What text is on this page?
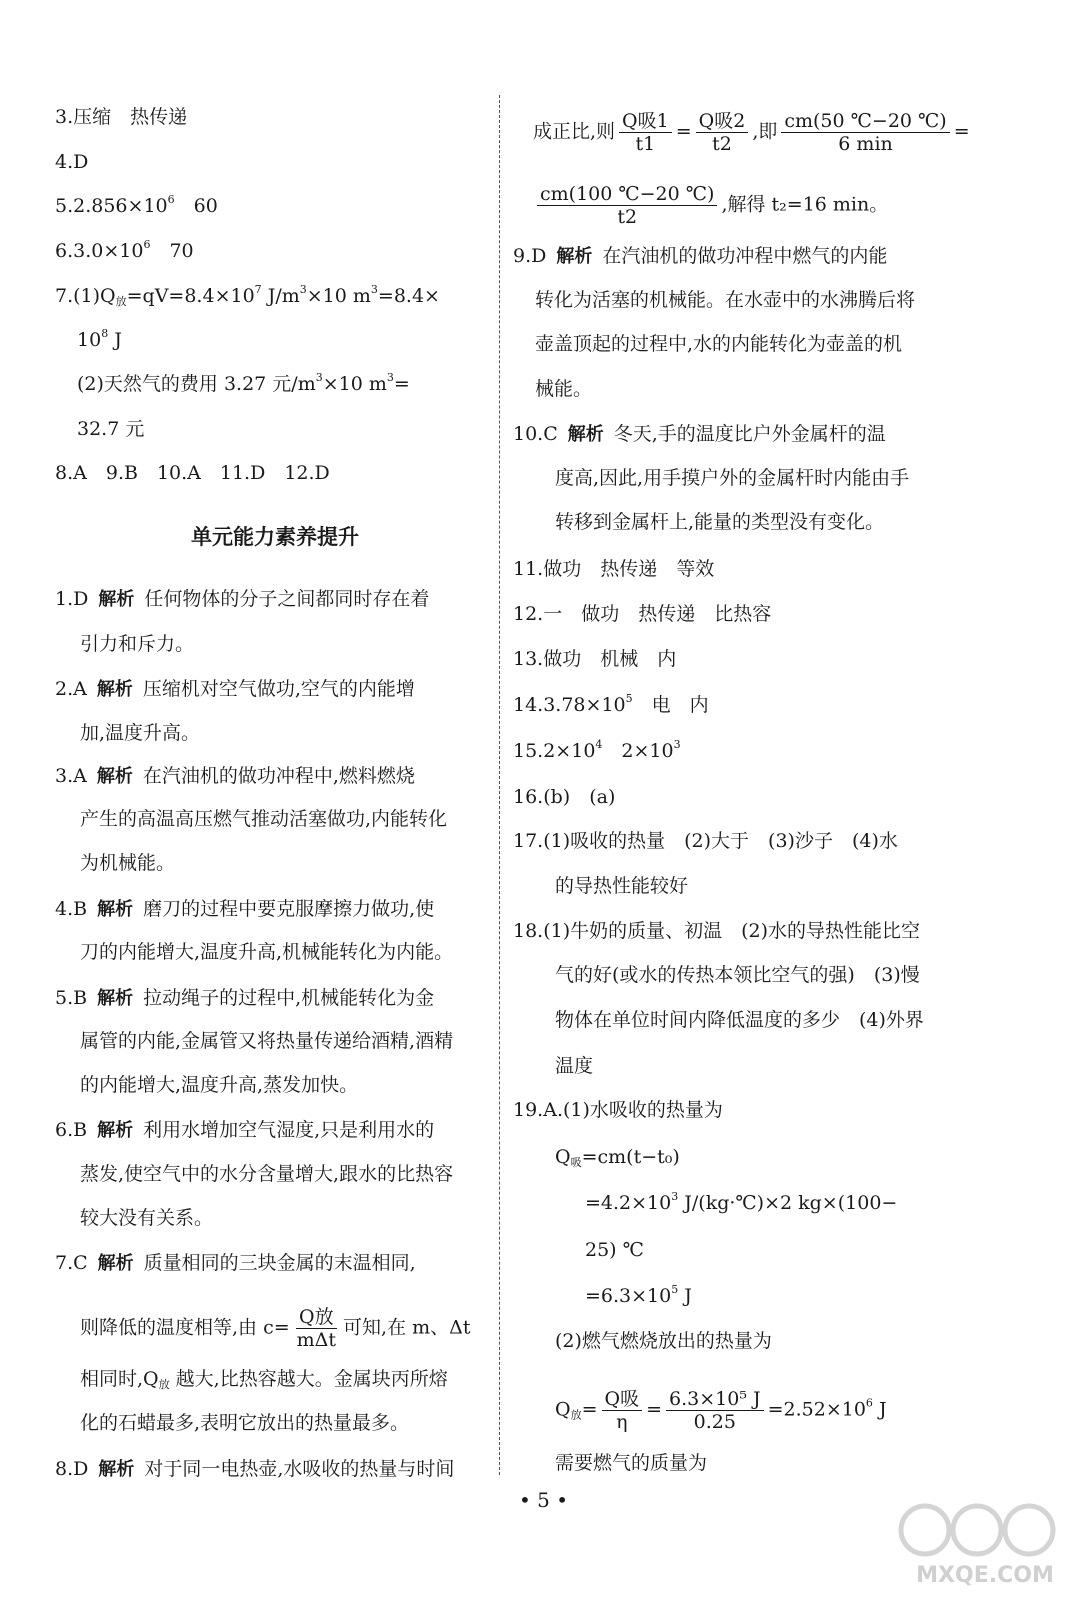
3.压缩　热传递
4.D
$5.2.856\times 10^6$　60
$6.3.0\times 10^6$　70
$7.(1)Q_放=qV=8.4\times 10^7$ $J/m^3\times 10$ $m^3=8.4\times$
$10^8$ J
(2)天然气的费用 3.27 元$/m^3\times 10$ $m^3=$
32.7 元
8.A　9.B　10.A　11.D　12.D
单元能力素养提升
1.D 解析 任何物体的分子之间都同时存在着
引力和斥力。
2.A 解析 压缩机对空气做功,空气的内能增
加,温度升高。
3.A 解析 在汽油机的做功冲程中,燃料燃烧
产生的高温高压燃气推动活塞做功,内能转化
为机械能。
4.B 解析 磨刀的过程中要克服摩擦力做功,使
刀的内能增大,温度升高,机械能转化为内能。
5.B 解析 拉动绳子的过程中,机械能转化为金
属管的内能,金属管又将热量传递给酒精,酒精
的内能增大,温度升高,蒸发加快。
6.B 解析 利用水增加空气湿度,只是利用水的
蒸发,使空气中的水分含量增大,跟水的比热容
较大没有关系。
7.C 解析 质量相同的三块金属的末温相同,
则降低的温度相等,由 $c= \frac{\text{Q放}}{\text{mΔt}}$ 可知,在 m、Δt
相同时$,Q_放$ 越大,比热容越大。金属块丙所熔
化的石蜡最多,表明它放出的热量最多。
8.D 解析 对于同一电热壶,水吸收的热量与时间
成正比,则 $\frac{\text{Q吸1}}{t1} = \frac{\text{Q吸2}}{t2}$ ,即 $\frac{cm(50 ℃-20 ℃)}{6 \min}$ =
$\frac{cm(100 ℃-20 ℃)}{t2}$ ,解得 t₂=16 min。
9.D 解析 在汽油机的做功冲程中燃气的内能
转化为活塞的机械能。在水壶中的水沸腾后将
壶盖顶起的过程中,水的内能转化为壶盖的机
械能。
10.C 解析 冬天,手的温度比户外金属杆的温
度高,因此,用手摸户外的金属杆时内能由手
转移到金属杆上,能量的类型没有变化。
11.做功　热传递　等效
12.一　做功　热传递　比热容
13.做功　机械　内
$14.3.78\times 10^5$　电　内
$15.2\times 10^4$　$2\times 10^3$
16.(b)　(a)
17.(1)吸收的热量　(2)大于　(3)沙子　(4)水
的导热性能较好
18.(1)牛奶的质量、初温　(2)水的导热性能比空
气的好(或水的传热本领比空气的强)　(3)慢
物体在单位时间内降低温度的多少　(4)外界
温度
19.A.(1)水吸收的热量为
$Q_吸=cm(t-t_0)$
$=4.2\times 10^3$ J/(kg·℃)×2 kg×(100−
25) ℃
$=6.3\times 10^5$ J
(2)燃气燃烧放出的热量为
$Q_放= \frac{\text{Q吸}}{\eta} = \frac{\text{6.3×10⁵ J}}{0.25} =2.52\times 10^6$ J
需要燃气的质量为
• 5 •
MXQE.COM
